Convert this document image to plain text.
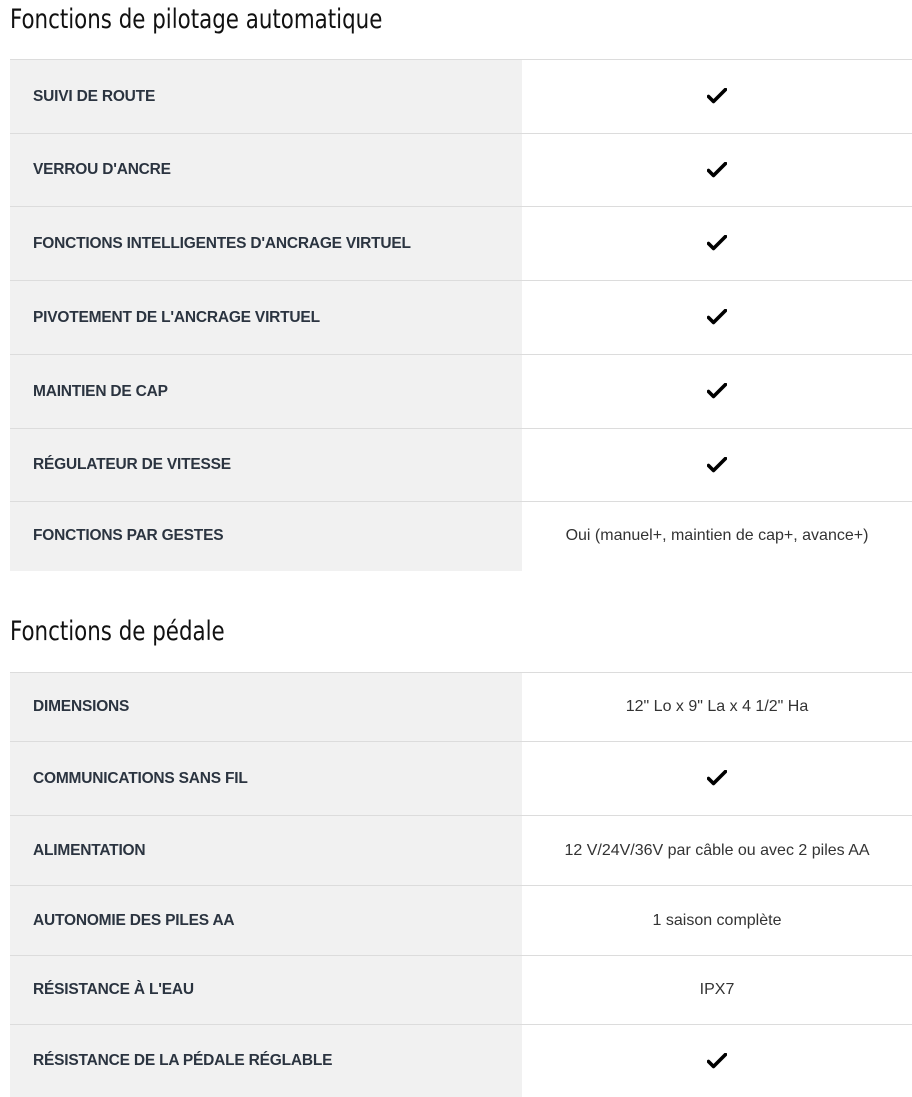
Fonctions de pilotage automatique
SUIVI DE ROUTE	
VERROU D'ANCRE	
FONCTIONS INTELLIGENTES D'ANCRAGE VIRTUEL	
PIVOTEMENT DE L'ANCRAGE VIRTUEL	
MAINTIEN DE CAP	
RÉGULATEUR DE VITESSE	
FONCTIONS PAR GESTES	Oui (manuel+, maintien de cap+, avance+)
Fonctions de pédale
DIMENSIONS	12" Lo x 9" La x 4 1/2" Ha
COMMUNICATIONS SANS FIL	
ALIMENTATION	12 V/24V/36V par câble ou avec 2 piles AA
AUTONOMIE DES PILES AA	1 saison complète
RÉSISTANCE À L'EAU	IPX7
RÉSISTANCE DE LA PÉDALE RÉGLABLE	
